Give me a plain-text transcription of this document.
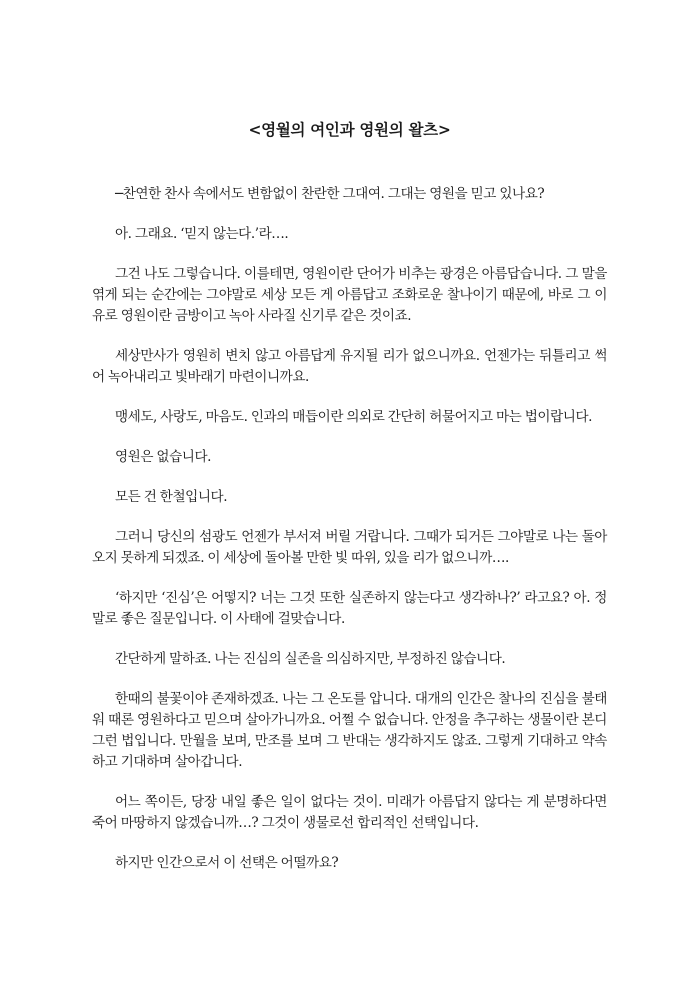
<영월의 여인과 영원의 왈츠>

─찬연한 찬사 속에서도 변함없이 찬란한 그대여. 그대는 영원을 믿고 있나요?

아. 그래요. ‘믿지 않는다.’라….

그건 나도 그렇습니다. 이를테면, 영원이란 단어가 비추는 광경은 아름답습니다. 그 말을 엮게 되는 순간에는 그야말로 세상 모든 게 아름답고 조화로운 찰나이기 때문에, 바로 그 이유로 영원이란 금방이고 녹아 사라질 신기루 같은 것이죠.

세상만사가 영원히 변치 않고 아름답게 유지될 리가 없으니까요. 언젠가는 뒤틀리고 썩어 녹아내리고 빛바래기 마련이니까요.

맹세도, 사랑도, 마음도. 인과의 매듭이란 의외로 간단히 허물어지고 마는 법이랍니다.

영원은 없습니다.

모든 건 한철입니다.

그러니 당신의 섬광도 언젠가 부서져 버릴 거랍니다. 그때가 되거든 그야말로 나는 돌아오지 못하게 되겠죠. 이 세상에 돌아볼 만한 빛 따위, 있을 리가 없으니까….

‘하지만 ‘진심’은 어떻지? 너는 그것 또한 실존하지 않는다고 생각하나?’ 라고요? 아. 정말로 좋은 질문입니다. 이 사태에 걸맞습니다.

간단하게 말하죠. 나는 진심의 실존을 의심하지만, 부정하진 않습니다.

한때의 불꽃이야 존재하겠죠. 나는 그 온도를 압니다. 대개의 인간은 찰나의 진심을 불태워 때론 영원하다고 믿으며 살아가니까요. 어쩔 수 없습니다. 안정을 추구하는 생물이란 본디 그런 법입니다. 만월을 보며, 만조를 보며 그 반대는 생각하지도 않죠. 그렇게 기대하고 약속하고 기대하며 살아갑니다.

어느 쪽이든, 당장 내일 좋은 일이 없다는 것이. 미래가 아름답지 않다는 게 분명하다면 죽어 마땅하지 않겠습니까…? 그것이 생물로선 합리적인 선택입니다.

하지만 인간으로서 이 선택은 어떨까요?
